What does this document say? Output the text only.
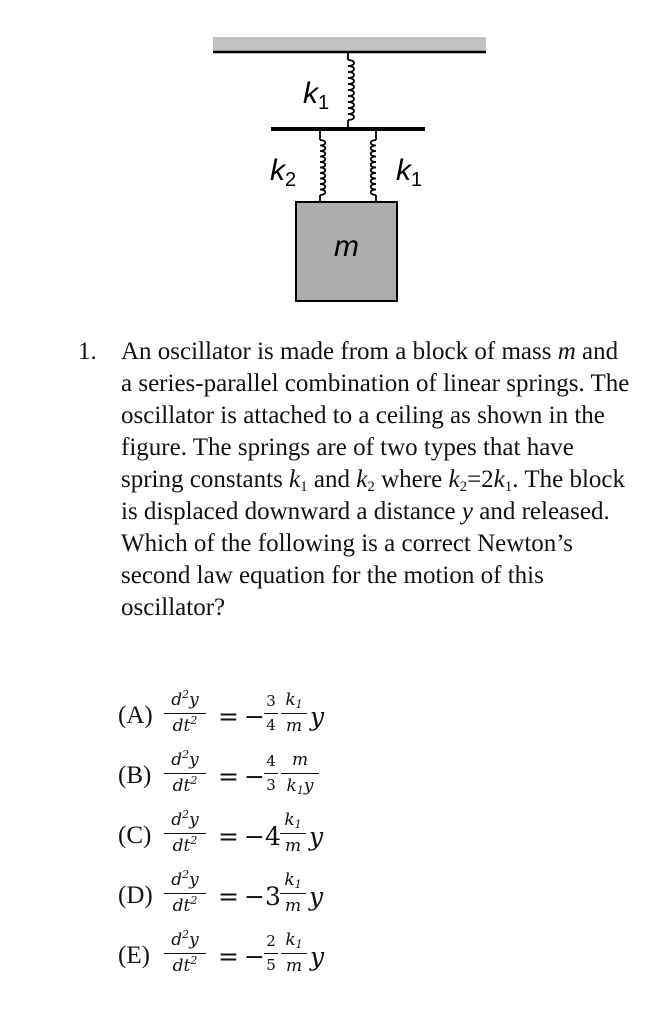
$k_1$
$k_2$	$k_1$
m
1. An oscillator is made from a block of mass m and a series-parallel combination of linear springs. The oscillator is attached to a ceiling as shown in the figure. The springs are of two types that have spring constants $k_1$ and $k_2$ where $k_2=2k_1$. The block is displaced downward a distance y and released. Which of the following is a correct Newton’s second law equation for the motion of this oscillator?
(A)
$d^2y$
$dt^2$ = −
3
4
$k_1$
m y
(B)
$d^2y$
$dt^2$ = −
4
3
m
$k_1y$
(C)
$d^2y$
$dt^2 = -4$
$k_1$
m y
(D)
$d^2y$
$dt^2 = -3$
$k_1$
m y
(E)
$d^2y$
$dt^2$ = −
2
5
$k_1$
m y
